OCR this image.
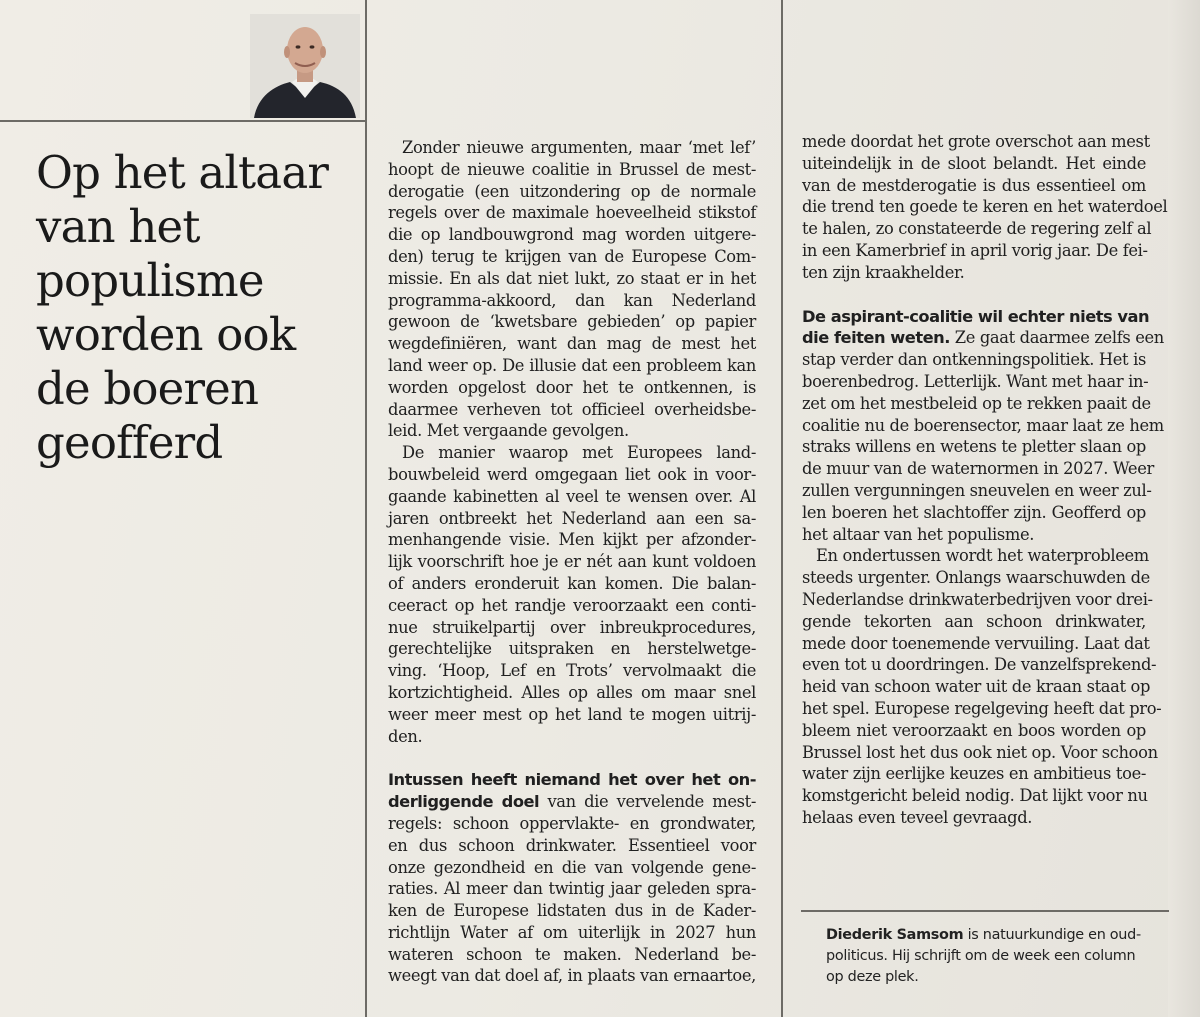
Op het altaar
van het
populisme
worden ook
de boeren
geofferd
Zonder nieuwe argumenten, maar ‘met lef’
hoopt de nieuwe coalitie in Brussel de mest-
derogatie (een uitzondering op de normale
regels over de maximale hoeveelheid stikstof
die op landbouwgrond mag worden uitgere-
den) terug te krijgen van de Europese Com-
missie. En als dat niet lukt, zo staat er in het
programma-akkoord, dan kan Nederland
gewoon de ‘kwetsbare gebieden’ op papier
wegdefiniëren, want dan mag de mest het
land weer op. De illusie dat een probleem kan
worden opgelost door het te ontkennen, is
daarmee verheven tot officieel overheidsbe-
leid. Met vergaande gevolgen.
De manier waarop met Europees land-
bouwbeleid werd omgegaan liet ook in voor-
gaande kabinetten al veel te wensen over. Al
jaren ontbreekt het Nederland aan een sa-
menhangende visie. Men kijkt per afzonder-
lijk voorschrift hoe je er nét aan kunt voldoen
of anders eronderuit kan komen. Die balan-
ceeract op het randje veroorzaakt een conti-
nue struikelpartij over inbreukprocedures,
gerechtelijke uitspraken en herstelwetge-
ving. ‘Hoop, Lef en Trots’ vervolmaakt die
kortzichtigheid. Alles op alles om maar snel
weer meer mest op het land te mogen uitrij-
den.
Intussen heeft niemand het over het on-
derliggende doel van die vervelende mest-
regels: schoon oppervlakte- en grondwater,
en dus schoon drinkwater. Essentieel voor
onze gezondheid en die van volgende gene-
raties. Al meer dan twintig jaar geleden spra-
ken de Europese lidstaten dus in de Kader-
richtlijn Water af om uiterlijk in 2027 hun
wateren schoon te maken. Nederland be-
weegt van dat doel af, in plaats van ernaartoe,
mede doordat het grote overschot aan mest
uiteindelijk in de sloot belandt. Het einde
van de mestderogatie is dus essentieel om
die trend ten goede te keren en het waterdoel
te halen, zo constateerde de regering zelf al
in een Kamerbrief in april vorig jaar. De fei-
ten zijn kraakhelder.
De aspirant-coalitie wil echter niets van
die feiten weten. Ze gaat daarmee zelfs een
stap verder dan ontkenningspolitiek. Het is
boerenbedrog. Letterlijk. Want met haar in-
zet om het mestbeleid op te rekken paait de
coalitie nu de boerensector, maar laat ze hem
straks willens en wetens te pletter slaan op
de muur van de waternormen in 2027. Weer
zullen vergunningen sneuvelen en weer zul-
len boeren het slachtoffer zijn. Geofferd op
het altaar van het populisme.
En ondertussen wordt het waterprobleem
steeds urgenter. Onlangs waarschuwden de
Nederlandse drinkwaterbedrijven voor drei-
gende tekorten aan schoon drinkwater,
mede door toenemende vervuiling. Laat dat
even tot u doordringen. De vanzelfsprekend-
heid van schoon water uit de kraan staat op
het spel. Europese regelgeving heeft dat pro-
bleem niet veroorzaakt en boos worden op
Brussel lost het dus ook niet op. Voor schoon
water zijn eerlijke keuzes en ambitieus toe-
komstgericht beleid nodig. Dat lijkt voor nu
helaas even teveel gevraagd.
Diederik Samsom is natuurkundige en oud-
politicus. Hij schrijft om de week een column
op deze plek.
